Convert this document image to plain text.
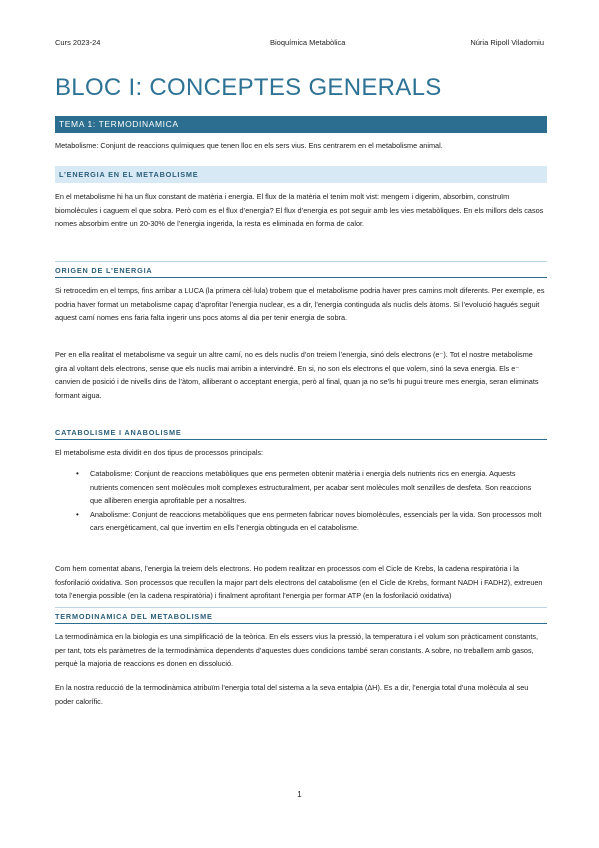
Curs 2023-24	Bioquímica Metabòlica	Núria Ripoll Viladomiu
BLOC I: CONCEPTES GENERALS
TEMA 1: TERMODINAMICA

Metabolisme: Conjunt de reaccions químiques que tenen lloc en els sers vius. Ens centrarem en el metabolisme animal.

L’ENERGIA EN EL METABOLISME

En el metabolisme hi ha un flux constant de matèria i energia. El flux de la matèria el tenim molt vist: mengem i digerim, absorbim, construïm biomolècules i caguem el que sobra. Però com es el flux d’energia? El flux d’energia es pot seguir amb les vies metabòliques. En els millors dels casos nomes absorbim entre un 20-30% de l’energia ingerida, la resta es eliminada en forma de calor.

ORIGEN DE L’ENERGIA

Si retrocedim en el temps, fins arribar a LUCA (la primera cèl·lula) trobem que el metabolisme podria haver pres camins molt diferents. Per exemple, es podria haver format un metabolisme capaç d’aprofitar l’energia nuclear, es a dir, l’energia continguda als nuclis dels àtoms. Si l’evolució hagués seguit aquest camí nomes ens faria falta ingerir uns pocs atoms al dia per tenir energia de sobra.

Per en ella realitat el metabolisme va seguir un altre camí, no es dels nuclis d’on treiem l’energia, sinó dels electrons (e⁻). Tot el nostre metabolisme gira al voltant dels electrons, sense que els nuclis mai arribin a intervindré. En si, no son els electrons el que volem, sinó la seva energia. Els e⁻ canvien de posició i de nivells dins de l’àtom, alliberant o acceptant energia, però al final, quan ja no se’ls hi pugui treure mes energia, seran eliminats formant aigua.

CATABOLISME I ANABOLISME

El metabolisme esta dividit en dos tipus de processos principals:

• Catabolisme: Conjunt de reaccions metabòliques que ens permeten obtenir matèria i energia dels nutrients rics en energia. Aquests nutrients comencen sent molècules molt complexes estructuralment, per acabar sent molècules molt senzilles de desfeta. Son reaccions que alliberen energia aprofitable per a nosaltres.
• Anabolisme: Conjunt de reaccions metabòliques que ens permeten fabricar noves biomolècules, essencials per la vida. Son processos molt cars energèticament, cal que invertim en ells l’energia obtinguda en el catabolisme.

Com hem comentat abans, l’energia la treiem dels electrons. Ho podem realitzar en processos com el Cicle de Krebs, la cadena respiratòria i la fosforilació oxidativa. Son processos que recullen la major part dels electrons del catabolisme (en el Cicle de Krebs, formant NADH i FADH2), extreuen tota l’energia possible (en la cadena respiratòria) i finalment aprofitant l’energia per formar ATP (en la fosforilació oxidativa)

TERMODINAMICA DEL METABOLISME

La termodinàmica en la biologia es una simplificació de la teòrica. En els essers vius la pressió, la temperatura i el volum son pràcticament constants, per tant, tots els paràmetres de la termodinàmica dependents d’aquestes dues condicions també seran constants. A sobre, no treballem amb gasos, perquè la majoria de reaccions es donen en dissolució.

En la nostra reducció de la termodinàmica atribuïm l’energia total del sistema a la seva entalpia (ΔH). Es a dir, l’energia total d’una molècula al seu poder calorífic.

1
